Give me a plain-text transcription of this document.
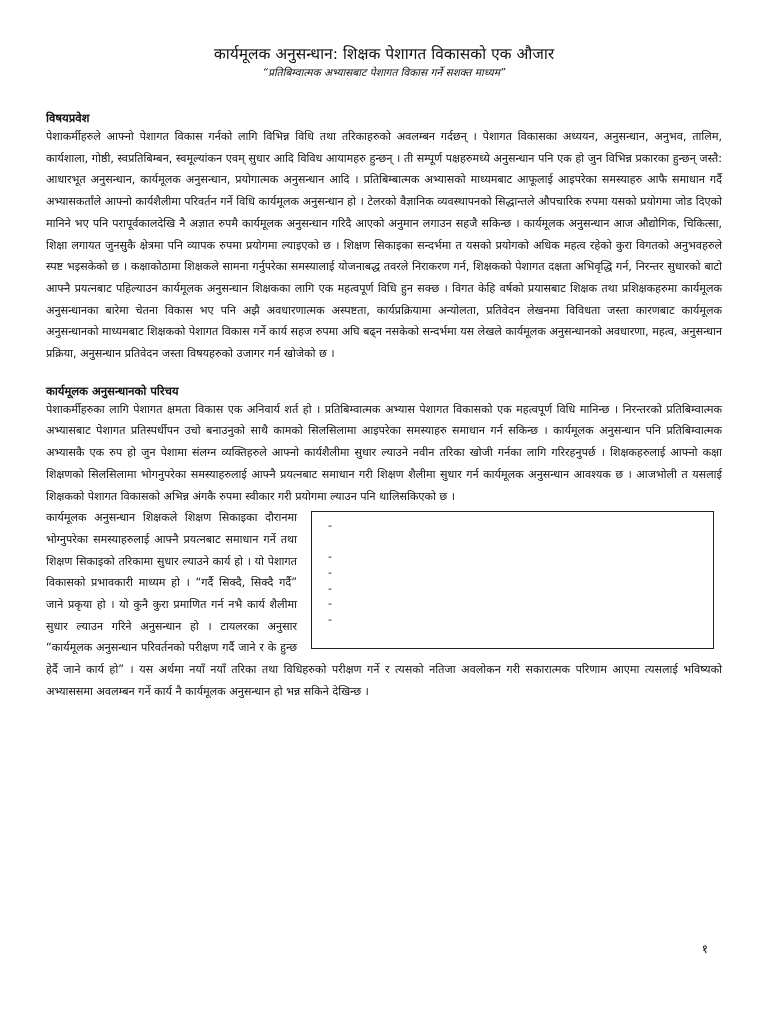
कार्यमूलक अनुसन्धान: शिक्षक पेशागत विकासको एक औजार

“प्रतिबिम्वात्मक अभ्यासबाट पेशागत विकास गर्ने सशक्त माध्यम”

विषयप्रवेश

पेशाकर्मीहरुले आफ्नो पेशागत विकास गर्नको लागि विभिन्न विधि तथा तरिकाहरुको अवलम्बन गर्दछन् । पेशागत विकासका अध्ययन, अनुसन्धान, अनुभव, तालिम, कार्यशाला, गोष्ठी, स्वप्रतिबिम्बन, स्वमूल्यांकन एवम् सुधार आदि विविध आयामहरु हुन्छन् । ती सम्पूर्ण पक्षहरुमध्ये अनुसन्धान पनि एक हो जुन विभिन्न प्रकारका हुन्छन् जस्तै: आधारभूत अनुसन्धान, कार्यमूलक अनुसन्धान, प्रयोगात्मक अनुसन्धान आदि । प्रतिबिम्बात्मक अभ्यासको माध्यमबाट आफूलाई आइपरेका समस्याहरु आफै समाधान गर्दै अभ्यासकर्तांले आफ्नो कार्यशैलीमा परिवर्तन गर्ने विधि कार्यमूलक अनुसन्धान हो । टेलरको वैज्ञानिक व्यवस्थापनको सिद्धान्तले औपचारिक रुपमा यसको प्रयोगमा जोड दिएको मानिने भए पनि परापूर्वकालदेखि नै अज्ञात रुपमै कार्यमूलक अनुसन्धान गरिदै आएको अनुमान लगाउन सहजै सकिन्छ । कार्यमूलक अनुसन्धान आज औद्योगिक, चिकित्सा, शिक्षा लगायत जुनसुकै क्षेत्रमा पनि व्यापक रुपमा प्रयोगमा ल्याइएको छ । शिक्षण सिकाइका सन्दर्भमा त यसको प्रयोगको अधिक महत्व रहेको कुरा विगतको अनुभवहरुले स्पष्ट भइसकेको छ । कक्षाकोठामा शिक्षकले सामना गर्नुपरेका समस्यालाई योजनाबद्ध तवरले निराकरण गर्न, शिक्षकको पेशागत दक्षता अभिवृद्धि गर्न, निरन्तर सुधारको बाटो आफ्नै प्रयत्नबाट पहिल्याउन कार्यमूलक अनुसन्धान शिक्षकका लागि एक महत्वपूर्ण विधि हुन सक्छ । विगत केहि वर्षको प्रयासबाट शिक्षक तथा प्रशिक्षकहरुमा कार्यमूलक अनुसन्धानका बारेमा चेतना विकास भए पनि अझै अवधारणात्मक अस्पष्टता, कार्यप्रक्रियामा अन्योलता, प्रतिवेदन लेखनमा विविधता जस्ता कारणबाट कार्यमूलक अनुसन्धानको माध्यमबाट शिक्षकको पेशागत विकास गर्ने कार्य सहज रुपमा अघि बढ्न नसकेको सन्दर्भमा यस लेखले कार्यमूलक अनुसन्धानको अवधारणा, महत्व, अनुसन्धान प्रक्रिया, अनुसन्धान प्रतिवेदन जस्ता विषयहरुको उजागर गर्न खोजेको छ ।

कार्यमूलक अनुसन्धानको परिचय

पेशाकर्मीहरुका लागि पेशागत क्षमता विकास एक अनिवार्य शर्त हो । प्रतिबिम्वात्मक अभ्यास पेशागत विकासको एक महत्वपूर्ण विधि मानिन्छ । निरन्तरको प्रतिबिम्वात्मक अभ्यासबाट पेशागत प्रतिस्पर्धीपन उचो बनाउनुको साथै कामको सिलसिलामा आइपरेका समस्याहरु समाधान गर्न सकिन्छ । कार्यमूलक अनुसन्धान पनि प्रतिबिम्वात्मक अभ्यासकै एक रुप हो जुन पेशामा संलग्न व्यक्तिहरुले आफ्नो कार्यशैलीमा सुधार ल्याउने नवीन तरिका खोजी गर्नका लागि गरिरहनुपर्छ । शिक्षकहरुलाई आफ्नो कक्षा शिक्षणको सिलसिलामा भोगनुपरेका समस्याहरुलाई आफ्नै प्रयत्नबाट समाधान गरी शिक्षण शैलीमा सुधार गर्न कार्यमूलक अनुसन्धान आवश्यक छ । आजभोली त यसलाई शिक्षकको पेशागत विकासको अभिन्न अंगकै रुपमा स्वीकार गरी प्रयोगमा ल्याउन पनि थालिसकिएको छ ।

-
-
-
-
-
-

कार्यमूलक अनुसन्धान शिक्षकले शिक्षण सिकाइका दौरानमा भोग्नुपरेका समस्याहरुलाई आफ्नै प्रयत्नबाट समाधान गर्ने तथा शिक्षण सिकाइको तरिकामा सुधार ल्याउने कार्य हो । यो पेशागत विकासको प्रभावकारी माध्यम हो । “गर्दै सिक्दै, सिक्दै गर्दै” जाने प्रकृया हो । यो कुनै कुरा प्रमाणित गर्न नभै कार्य शैलीमा सुधार ल्याउन गरिने अनुसन्धान हो । टायलरका अनुसार “कार्यमूलक अनुसन्धान परिवर्तनको परीक्षण गर्दै जाने र के हुन्छ हेर्दै जाने कार्य हो” । यस अर्थमा नयाँ नयाँ तरिका तथा विधिहरुको परीक्षण गर्ने र त्यसको नतिजा अवलोकन गरी सकारात्मक परिणाम आएमा त्यसलाई भविष्यको अभ्याससमा अवलम्बन गर्ने कार्य नै कार्यमूलक अनुसन्धान हो भन्न सकिने देखिन्छ ।

१
